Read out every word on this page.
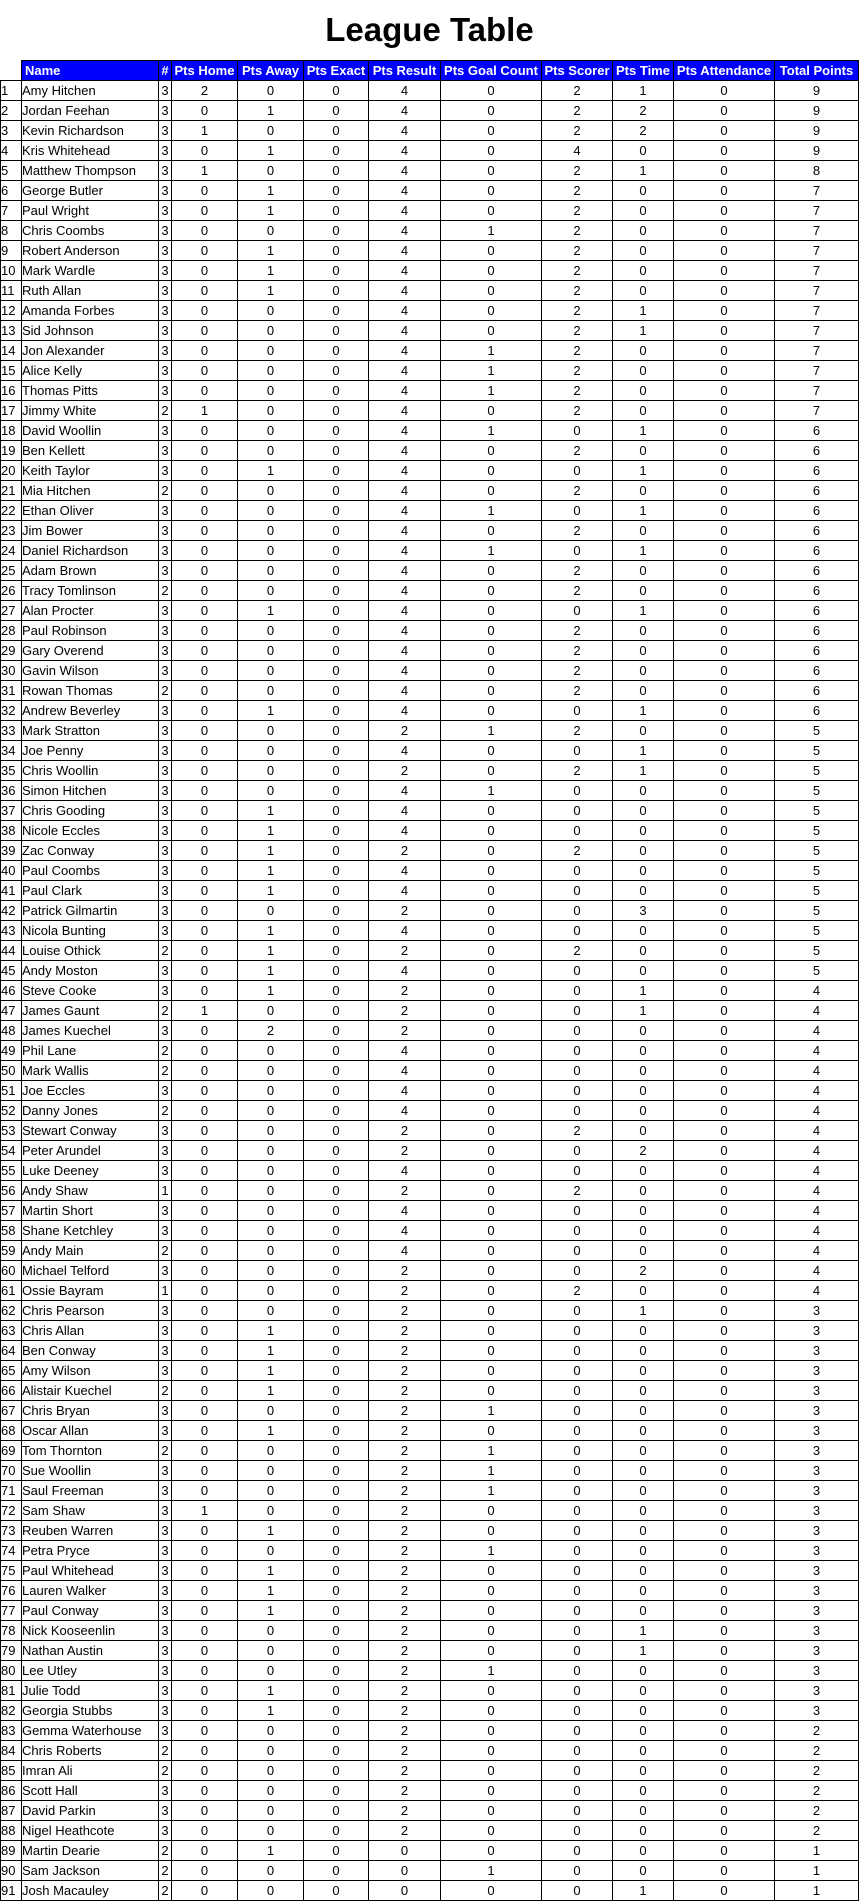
League Table
	Name	#	Pts Home	Pts Away	Pts Exact	Pts Result	Pts Goal Count	Pts Scorer	Pts Time	Pts Attendance	Total Points
1	Amy Hitchen	3	2	0	0	4	0	2	1	0	9
2	Jordan Feehan	3	0	1	0	4	0	2	2	0	9
3	Kevin Richardson	3	1	0	0	4	0	2	2	0	9
4	Kris Whitehead	3	0	1	0	4	0	4	0	0	9
5	Matthew Thompson	3	1	0	0	4	0	2	1	0	8
6	George Butler	3	0	1	0	4	0	2	0	0	7
7	Paul Wright	3	0	1	0	4	0	2	0	0	7
8	Chris Coombs	3	0	0	0	4	1	2	0	0	7
9	Robert Anderson	3	0	1	0	4	0	2	0	0	7
10	Mark Wardle	3	0	1	0	4	0	2	0	0	7
11	Ruth Allan	3	0	1	0	4	0	2	0	0	7
12	Amanda Forbes	3	0	0	0	4	0	2	1	0	7
13	Sid Johnson	3	0	0	0	4	0	2	1	0	7
14	Jon Alexander	3	0	0	0	4	1	2	0	0	7
15	Alice Kelly	3	0	0	0	4	1	2	0	0	7
16	Thomas Pitts	3	0	0	0	4	1	2	0	0	7
17	Jimmy White	2	1	0	0	4	0	2	0	0	7
18	David Woollin	3	0	0	0	4	1	0	1	0	6
19	Ben Kellett	3	0	0	0	4	0	2	0	0	6
20	Keith Taylor	3	0	1	0	4	0	0	1	0	6
21	Mia Hitchen	2	0	0	0	4	0	2	0	0	6
22	Ethan Oliver	3	0	0	0	4	1	0	1	0	6
23	Jim Bower	3	0	0	0	4	0	2	0	0	6
24	Daniel Richardson	3	0	0	0	4	1	0	1	0	6
25	Adam Brown	3	0	0	0	4	0	2	0	0	6
26	Tracy Tomlinson	2	0	0	0	4	0	2	0	0	6
27	Alan Procter	3	0	1	0	4	0	0	1	0	6
28	Paul Robinson	3	0	0	0	4	0	2	0	0	6
29	Gary Overend	3	0	0	0	4	0	2	0	0	6
30	Gavin Wilson	3	0	0	0	4	0	2	0	0	6
31	Rowan Thomas	2	0	0	0	4	0	2	0	0	6
32	Andrew Beverley	3	0	1	0	4	0	0	1	0	6
33	Mark Stratton	3	0	0	0	2	1	2	0	0	5
34	Joe Penny	3	0	0	0	4	0	0	1	0	5
35	Chris Woollin	3	0	0	0	2	0	2	1	0	5
36	Simon Hitchen	3	0	0	0	4	1	0	0	0	5
37	Chris Gooding	3	0	1	0	4	0	0	0	0	5
38	Nicole Eccles	3	0	1	0	4	0	0	0	0	5
39	Zac Conway	3	0	1	0	2	0	2	0	0	5
40	Paul Coombs	3	0	1	0	4	0	0	0	0	5
41	Paul Clark	3	0	1	0	4	0	0	0	0	5
42	Patrick Gilmartin	3	0	0	0	2	0	0	3	0	5
43	Nicola Bunting	3	0	1	0	4	0	0	0	0	5
44	Louise Othick	2	0	1	0	2	0	2	0	0	5
45	Andy Moston	3	0	1	0	4	0	0	0	0	5
46	Steve Cooke	3	0	1	0	2	0	0	1	0	4
47	James Gaunt	2	1	0	0	2	0	0	1	0	4
48	James Kuechel	3	0	2	0	2	0	0	0	0	4
49	Phil Lane	2	0	0	0	4	0	0	0	0	4
50	Mark Wallis	2	0	0	0	4	0	0	0	0	4
51	Joe Eccles	3	0	0	0	4	0	0	0	0	4
52	Danny Jones	2	0	0	0	4	0	0	0	0	4
53	Stewart Conway	3	0	0	0	2	0	2	0	0	4
54	Peter Arundel	3	0	0	0	2	0	0	2	0	4
55	Luke Deeney	3	0	0	0	4	0	0	0	0	4
56	Andy Shaw	1	0	0	0	2	0	2	0	0	4
57	Martin Short	3	0	0	0	4	0	0	0	0	4
58	Shane Ketchley	3	0	0	0	4	0	0	0	0	4
59	Andy Main	2	0	0	0	4	0	0	0	0	4
60	Michael Telford	3	0	0	0	2	0	0	2	0	4
61	Ossie Bayram	1	0	0	0	2	0	2	0	0	4
62	Chris Pearson	3	0	0	0	2	0	0	1	0	3
63	Chris Allan	3	0	1	0	2	0	0	0	0	3
64	Ben Conway	3	0	1	0	2	0	0	0	0	3
65	Amy Wilson	3	0	1	0	2	0	0	0	0	3
66	Alistair Kuechel	2	0	1	0	2	0	0	0	0	3
67	Chris Bryan	3	0	0	0	2	1	0	0	0	3
68	Oscar Allan	3	0	1	0	2	0	0	0	0	3
69	Tom Thornton	2	0	0	0	2	1	0	0	0	3
70	Sue Woollin	3	0	0	0	2	1	0	0	0	3
71	Saul Freeman	3	0	0	0	2	1	0	0	0	3
72	Sam Shaw	3	1	0	0	2	0	0	0	0	3
73	Reuben Warren	3	0	1	0	2	0	0	0	0	3
74	Petra Pryce	3	0	0	0	2	1	0	0	0	3
75	Paul Whitehead	3	0	1	0	2	0	0	0	0	3
76	Lauren Walker	3	0	1	0	2	0	0	0	0	3
77	Paul Conway	3	0	1	0	2	0	0	0	0	3
78	Nick Kooseenlin	3	0	0	0	2	0	0	1	0	3
79	Nathan Austin	3	0	0	0	2	0	0	1	0	3
80	Lee Utley	3	0	0	0	2	1	0	0	0	3
81	Julie Todd	3	0	1	0	2	0	0	0	0	3
82	Georgia Stubbs	3	0	1	0	2	0	0	0	0	3
83	Gemma Waterhouse	3	0	0	0	2	0	0	0	0	2
84	Chris Roberts	2	0	0	0	2	0	0	0	0	2
85	Imran Ali	2	0	0	0	2	0	0	0	0	2
86	Scott Hall	3	0	0	0	2	0	0	0	0	2
87	David Parkin	3	0	0	0	2	0	0	0	0	2
88	Nigel Heathcote	3	0	0	0	2	0	0	0	0	2
89	Martin Dearie	2	0	1	0	0	0	0	0	0	1
90	Sam Jackson	2	0	0	0	0	1	0	0	0	1
91	Josh Macauley	2	0	0	0	0	0	0	1	0	1
